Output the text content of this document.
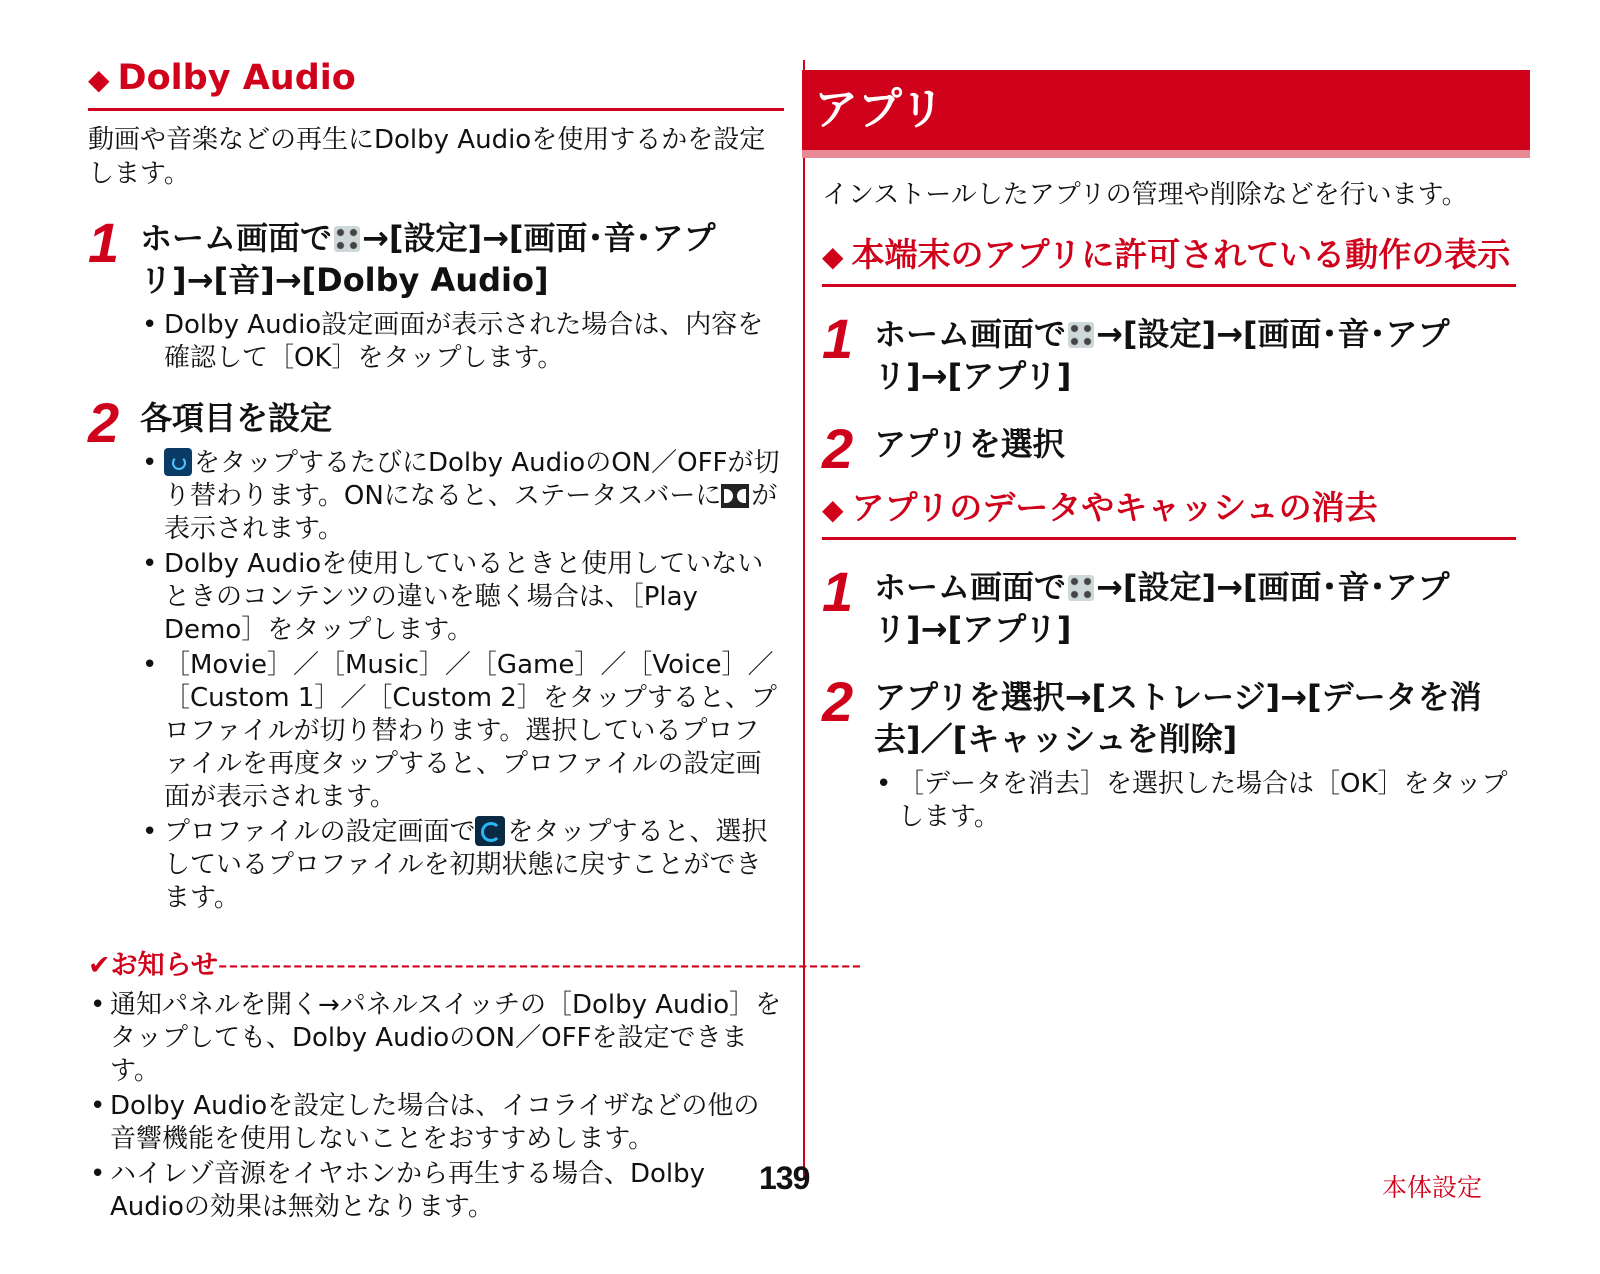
◆ Dolby Audio

動画や音楽などの再生にDolby Audioを使用するかを設定します。

1 ホーム画面で →[設定]→[画面･音･アプリ]→[音]→[Dolby Audio]
• Dolby Audio設定画面が表示された場合は、内容を確認して［OK］をタップします。
2 各項目を設定
• をタップするたびにDolby AudioのON／OFFが切り替わります。ONになると、ステータスバーに が表示されます。
• Dolby Audioを使用しているときと使用していないときのコンテンツの違いを聴く場合は、［Play Demo］をタップします。
• ［Movie］／［Music］／［Game］／［Voice］／［Custom 1］／［Custom 2］をタップすると、プロファイルが切り替わります。選択しているプロファイルを再度タップすると、プロファイルの設定画面が表示されます。
• プロファイルの設定画面で をタップすると、選択しているプロファイルを初期状態に戻すことができます。
✔お知らせ------------------------------------------------------------
• 通知パネルを開く→パネルスイッチの［Dolby Audio］をタップしても、Dolby AudioのON／OFFを設定できます。
• Dolby Audioを設定した場合は、イコライザなどの他の音響機能を使用しないことをおすすめします。
• ハイレゾ音源をイヤホンから再生する場合、Dolby Audioの効果は無効となります。
アプリ

インストールしたアプリの管理や削除などを行います。

◆ 本端末のアプリに許可されている動作の表示
1 ホーム画面で →[設定]→[画面･音･アプリ]→[アプリ]
2 アプリを選択
◆ アプリのデータやキャッシュの消去
1 ホーム画面で →[設定]→[画面･音･アプリ]→[アプリ]
2 アプリを選択→[ストレージ]→[データを消去]／[キャッシュを削除]
• ［データを消去］を選択した場合は［OK］をタップします。
139	本体設定
